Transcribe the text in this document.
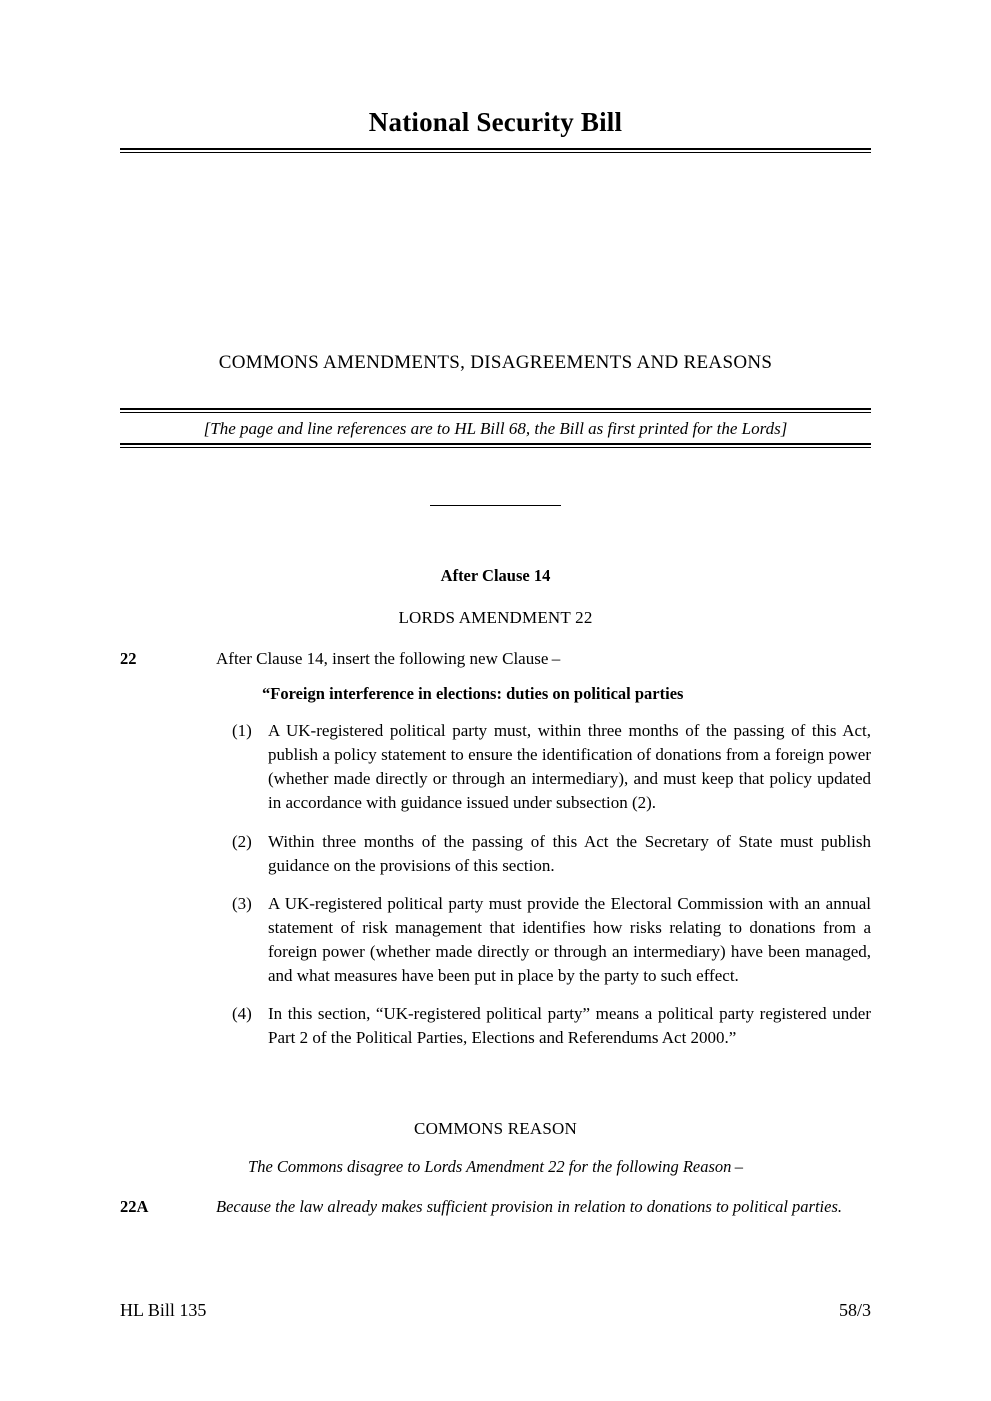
National Security Bill
COMMONS AMENDMENTS, DISAGREEMENTS AND REASONS
[The page and line references are to HL Bill 68, the Bill as first printed for the Lords]
After Clause 14
LORDS AMENDMENT 22
22	After Clause 14, insert the following new Clause –
“Foreign interference in elections: duties on political parties
(1) A UK-registered political party must, within three months of the passing of this Act, publish a policy statement to ensure the identification of donations from a foreign power (whether made directly or through an intermediary), and must keep that policy updated in accordance with guidance issued under subsection (2).
(2) Within three months of the passing of this Act the Secretary of State must publish guidance on the provisions of this section.
(3) A UK-registered political party must provide the Electoral Commission with an annual statement of risk management that identifies how risks relating to donations from a foreign power (whether made directly or through an intermediary) have been managed, and what measures have been put in place by the party to such effect.
(4) In this section, “UK-registered political party” means a political party registered under Part 2 of the Political Parties, Elections and Referendums Act 2000.”
COMMONS REASON
The Commons disagree to Lords Amendment 22 for the following Reason –
22A	Because the law already makes sufficient provision in relation to donations to political parties.
HL Bill 135	58/3
